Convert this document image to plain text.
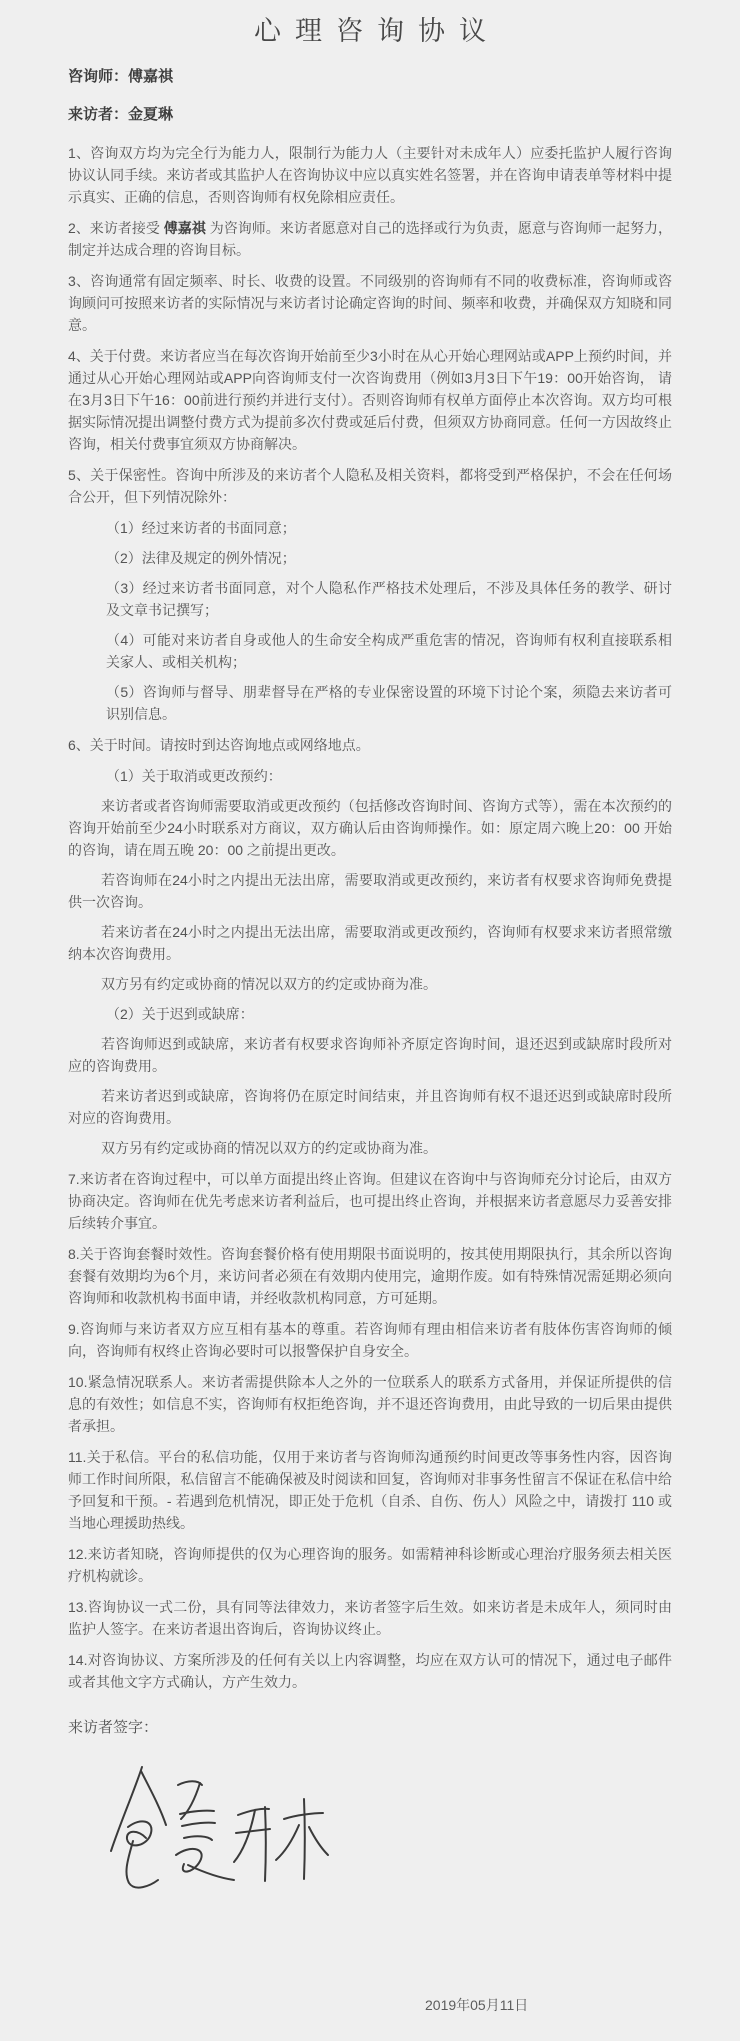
心理咨询协议

咨询师：傅嘉祺

来访者：金夏琳

1、咨询双方均为完全行为能力人，限制行为能力人（主要针对未成年人）应委托监护人履行咨询协议认同手续。来访者或其监护人在咨询协议中应以真实姓名签署，并在咨询申请表单等材料中提示真实、正确的信息，否则咨询师有权免除相应责任。

2、来访者接受 傅嘉祺 为咨询师。来访者愿意对自己的选择或行为负责，愿意与咨询师一起努力，制定并达成合理的咨询目标。

3、咨询通常有固定频率、时长、收费的设置。不同级别的咨询师有不同的收费标准，咨询师或咨询顾问可按照来访者的实际情况与来访者讨论确定咨询的时间、频率和收费，并确保双方知晓和同意。

4、关于付费。来访者应当在每次咨询开始前至少3小时在从心开始心理网站或APP上预约时间，并通过从心开始心理网站或APP向咨询师支付一次咨询费用（例如3月3日下午19：00开始咨询， 请在3月3日下午16：00前进行预约并进行支付）。否则咨询师有权单方面停止本次咨询。双方均可根据实际情况提出调整付费方式为提前多次付费或延后付费，但须双方协商同意。任何一方因故终止咨询，相关付费事宜须双方协商解决。

5、关于保密性。咨询中所涉及的来访者个人隐私及相关资料，都将受到严格保护，不会在任何场合公开，但下列情况除外：

（1）经过来访者的书面同意；

（2）法律及规定的例外情况；

（3）经过来访者书面同意，对个人隐私作严格技术处理后，不涉及具体任务的教学、研讨及文章书记撰写；

（4）可能对来访者自身或他人的生命安全构成严重危害的情况，咨询师有权利直接联系相关家人、或相关机构；

（5）咨询师与督导、朋辈督导在严格的专业保密设置的环境下讨论个案，须隐去来访者可识别信息。

6、关于时间。请按时到达咨询地点或网络地点。

（1）关于取消或更改预约：

来访者或者咨询师需要取消或更改预约（包括修改咨询时间、咨询方式等），需在本次预约的咨询开始前至少24小时联系对方商议，双方确认后由咨询师操作。如：原定周六晚上20：00 开始的咨询，请在周五晚 20：00 之前提出更改。

若咨询师在24小时之内提出无法出席，需要取消或更改预约，来访者有权要求咨询师免费提供一次咨询。

若来访者在24小时之内提出无法出席，需要取消或更改预约，咨询师有权要求来访者照常缴纳本次咨询费用。

双方另有约定或协商的情况以双方的约定或协商为准。

（2）关于迟到或缺席：

若咨询师迟到或缺席，来访者有权要求咨询师补齐原定咨询时间，退还迟到或缺席时段所对应的咨询费用。

若来访者迟到或缺席，咨询将仍在原定时间结束，并且咨询师有权不退还迟到或缺席时段所对应的咨询费用。

双方另有约定或协商的情况以双方的约定或协商为准。

7.来访者在咨询过程中，可以单方面提出终止咨询。但建议在咨询中与咨询师充分讨论后，由双方协商决定。咨询师在优先考虑来访者利益后，也可提出终止咨询，并根据来访者意愿尽力妥善安排后续转介事宜。

8.关于咨询套餐时效性。咨询套餐价格有使用期限书面说明的，按其使用期限执行，其余所以咨询套餐有效期均为6个月，来访问者必须在有效期内使用完，逾期作废。如有特殊情况需延期必须向咨询师和收款机构书面申请，并经收款机构同意，方可延期。

9.咨询师与来访者双方应互相有基本的尊重。若咨询师有理由相信来访者有肢体伤害咨询师的倾向，咨询师有权终止咨询必要时可以报警保护自身安全。

10.紧急情况联系人。来访者需提供除本人之外的一位联系人的联系方式备用，并保证所提供的信息的有效性；如信息不实，咨询师有权拒绝咨询，并不退还咨询费用，由此导致的一切后果由提供者承担。

11.关于私信。平台的私信功能，仅用于来访者与咨询师沟通预约时间更改等事务性内容，因咨询师工作时间所限，私信留言不能确保被及时阅读和回复，咨询师对非事务性留言不保证在私信中给予回复和干预。- 若遇到危机情况，即正处于危机（自杀、自伤、伤人）风险之中，请拨打 110 或当地心理援助热线。

12.来访者知晓，咨询师提供的仅为心理咨询的服务。如需精神科诊断或心理治疗服务须去相关医疗机构就诊。

13.咨询协议一式二份，具有同等法律效力，来访者签字后生效。如来访者是未成年人，须同时由监护人签字。在来访者退出咨询后，咨询协议终止。

14.对咨询协议、方案所涉及的任何有关以上内容调整，均应在双方认可的情况下，通过电子邮件或者其他文字方式确认，方产生效力。

来访者签字：

2019年05月11日
